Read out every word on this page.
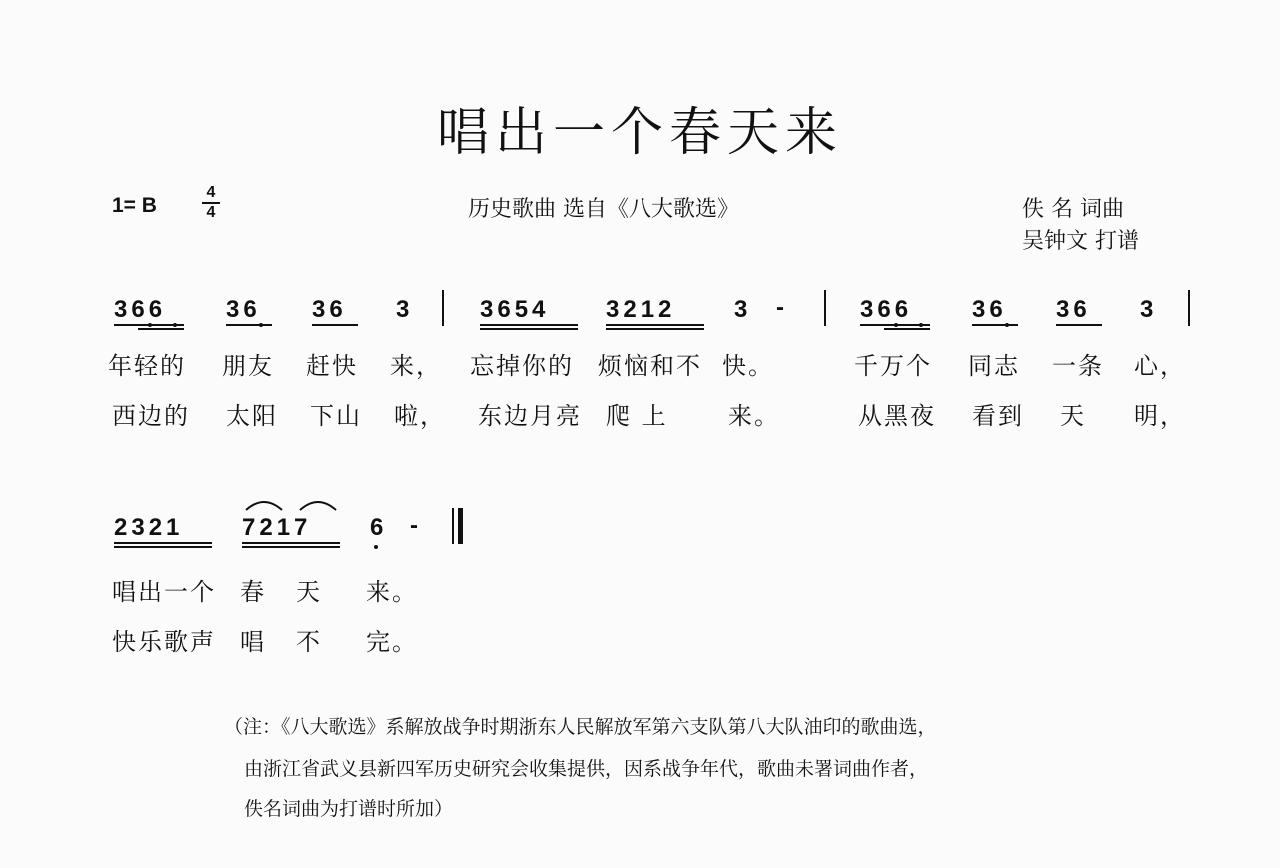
唱出一个春天来
1= B	$\frac{4}{4}$	历史歌曲 选自《八大歌选》	佚 名 词曲
吴钟文 打谱
366 36 36 3	3654 3212 3 -	366 36 36 3
年轻的 朋友 赶快 来， 忘掉你的 烦恼和不 快。	千万个 同志 一条 心，
西边的 太阳 下山 啦， 东边月亮 爬 上	来。	从黑夜 看到 天 明，
2321 7217 6 -
唱出一个 春 天 来。
快乐歌声 唱 不 完。
（注：《八大歌选》系解放战争时期浙东人民解放军第六支队第八大队油印的歌曲选，
由浙江省武义县新四军历史研究会收集提供，因系战争年代，歌曲未署词曲作者，
佚名词曲为打谱时所加）
